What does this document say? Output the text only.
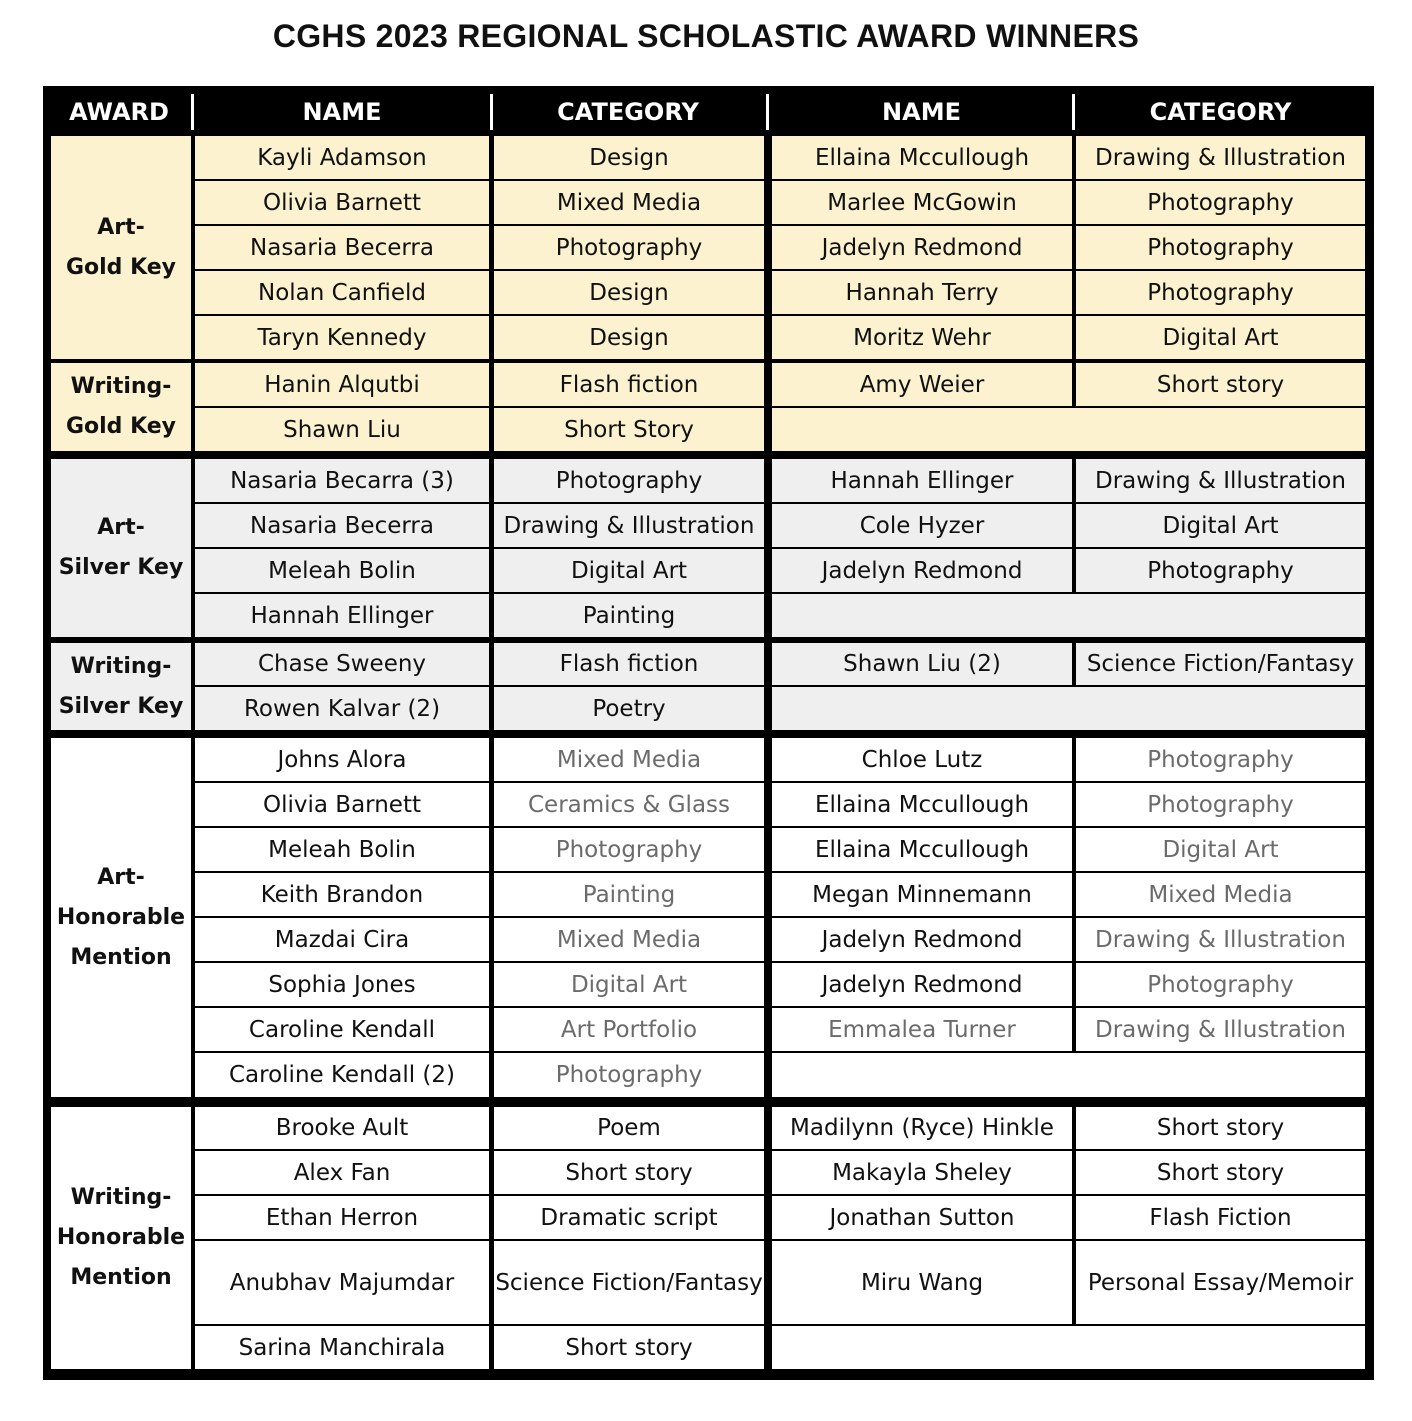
CGHS 2023 REGIONAL SCHOLASTIC AWARD WINNERS
AWARD	NAME	CATEGORY	NAME	CATEGORY
Art-
Gold Key
Kayli Adamson	Design	Ellaina Mccullough	Drawing & Illustration
Olivia Barnett	Mixed Media	Marlee McGowin	Photography
Nasaria Becerra	Photography	Jadelyn Redmond	Photography
Nolan Canfield	Design	Hannah Terry	Photography
Taryn Kennedy	Design	Moritz Wehr	Digital Art
Writing-
Gold Key
Hanin Alqutbi	Flash fiction	Amy Weier	Short story
Shawn Liu	Short Story
Art-
Silver Key
Nasaria Becarra (3)	Photography	Hannah Ellinger	Drawing & Illustration
Nasaria Becerra	Drawing & Illustration	Cole Hyzer	Digital Art
Meleah Bolin	Digital Art	Jadelyn Redmond	Photography
Hannah Ellinger	Painting
Writing-
Silver Key
Chase Sweeny	Flash fiction	Shawn Liu (2)	Science Fiction/Fantasy
Rowen Kalvar (2)	Poetry
Art-
Honorable
Mention
Johns Alora	Mixed Media	Chloe Lutz	Photography
Olivia Barnett	Ceramics & Glass	Ellaina Mccullough	Photography
Meleah Bolin	Photography	Ellaina Mccullough	Digital Art
Keith Brandon	Painting	Megan Minnemann	Mixed Media
Mazdai Cira	Mixed Media	Jadelyn Redmond	Drawing & Illustration
Sophia Jones	Digital Art	Jadelyn Redmond	Photography
Caroline Kendall	Art Portfolio	Emmalea Turner	Drawing & Illustration
Caroline Kendall (2)	Photography
Writing-
Honorable
Mention
Brooke Ault	Poem	Madilynn (Ryce) Hinkle	Short story
Alex Fan	Short story	Makayla Sheley	Short story
Ethan Herron	Dramatic script	Jonathan Sutton	Flash Fiction
Anubhav Majumdar	Science Fiction/Fantasy	Miru Wang	Personal Essay/Memoir
Sarina Manchirala	Short story
